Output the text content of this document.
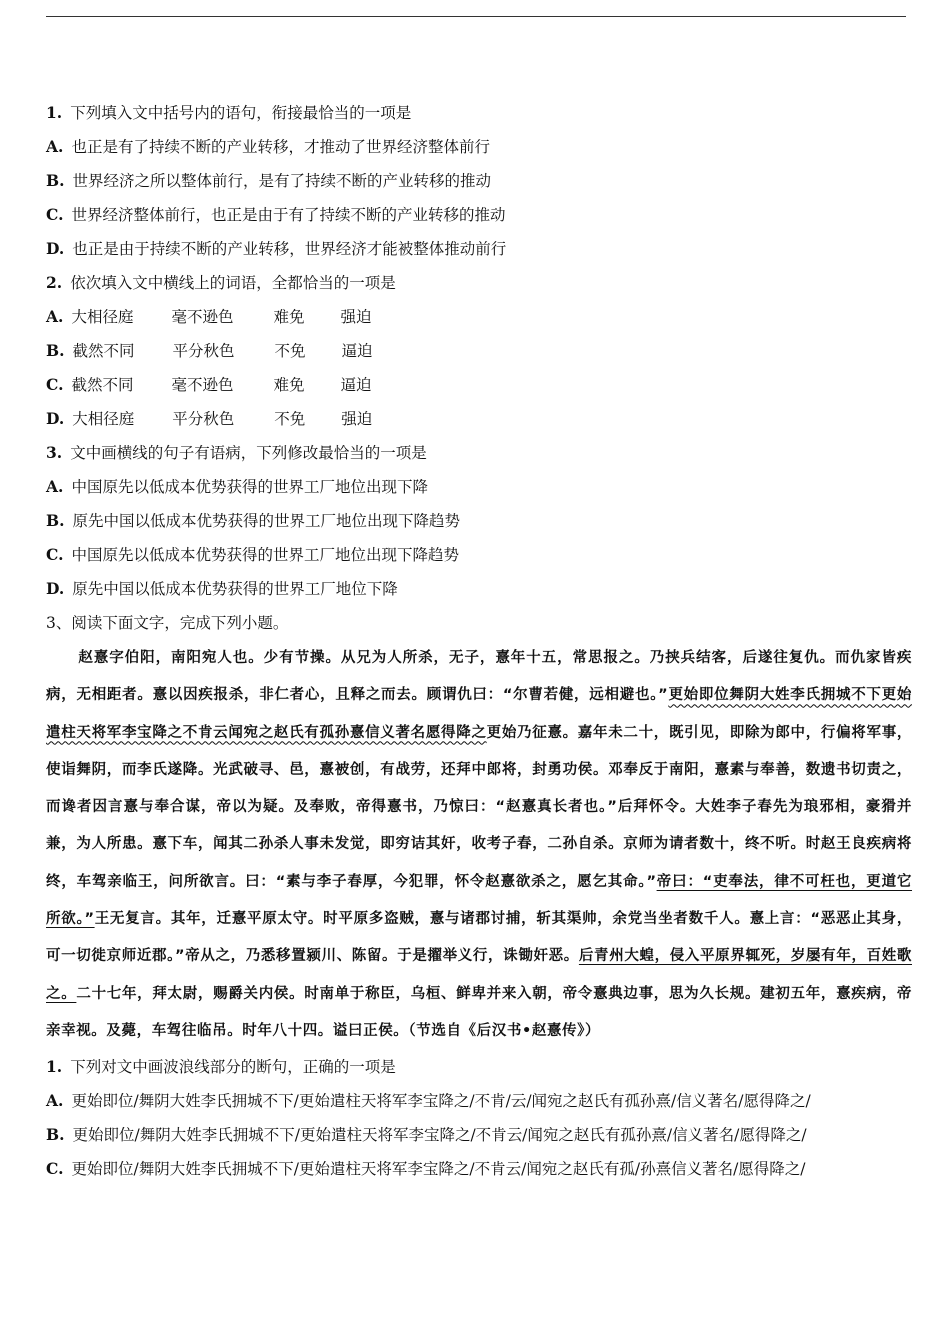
1. 下列填入文中括号内的语句，衔接最恰当的一项是
A. 也正是有了持续不断的产业转移，才推动了世界经济整体前行
B. 世界经济之所以整体前行，是有了持续不断的产业转移的推动
C. 世界经济整体前行，也正是由于有了持续不断的产业转移的推动
D. 也正是由于持续不断的产业转移，世界经济才能被整体推动前行
2. 依次填入文中横线上的词语，全都恰当的一项是
A. 大相径庭 毫不逊色	难免 强迫
B. 截然不同 平分秋色	不免 逼迫
C. 截然不同 毫不逊色	难免 逼迫
D. 大相径庭 平分秋色	不免 强迫
3. 文中画横线的句子有语病，下列修改最恰当的一项是
A. 中国原先以低成本优势获得的世界工厂地位出现下降
B. 原先中国以低成本优势获得的世界工厂地位出现下降趋势
C. 中国原先以低成本优势获得的世界工厂地位出现下降趋势
D. 原先中国以低成本优势获得的世界工厂地位下降
3、阅读下面文字，完成下列小题。
赵憙字伯阳，南阳宛人也。少有节操。从兄为人所杀，无子，憙年十五，常思报之。乃挟兵结客，后遂往复仇。而仇家皆疾病，无相距者。憙以因疾报杀，非仁者心，且释之而去。顾谓仇曰：“尔曹若健，远相避也。”更始即位舞阴大姓李氏拥城不下更始遣柱天将军李宝降之不肯云闻宛之赵氏有孤孙憙信义著名愿得降之更始乃征憙。嘉年未二十，既引见，即除为郎中，行偏将军事，使诣舞阴，而李氏遂降。光武破寻、邑，憙被创，有战劳，还拜中郎将，封勇功侯。邓奉反于南阳，憙素与奉善，数遗书切责之，而谗者因言憙与奉合谋，帝以为疑。及奉败，帝得憙书，乃惊曰：“赵憙真长者也。”后拜怀令。大姓李子春先为琅邪相，豪猾并兼，为人所患。憙下车，闻其二孙杀人事未发觉，即穷诘其奸，收考子春，二孙自杀。京师为请者数十，终不听。时赵王良疾病将终，车驾亲临王，问所欲言。曰：“素与李子春厚，今犯罪，怀令赵憙欲杀之，愿乞其命。”帝曰：“吏奉法，律不可枉也，更道它所欲。”王无复言。其年，迁憙平原太守。时平原多盗贼，憙与诸郡讨捕，斩其渠帅，余党当坐者数千人。憙上言：“恶恶止其身，可一切徙京师近郡。”帝从之，乃悉移置颍川、陈留。于是擢举义行，诛锄奸恶。后青州大蝗，侵入平原界辄死，岁屡有年，百姓歌之。二十七年，拜太尉，赐爵关内侯。时南单于称臣，乌桓、鲜卑并来入朝，帝令憙典边事，思为久长规。建初五年，憙疾病，帝亲幸视。及薨，车驾往临吊。时年八十四。谥曰正侯。（节选自《后汉书•赵憙传》）
1. 下列对文中画波浪线部分的断句，正确的一项是
A. 更始即位/舞阴大姓李氏拥城不下/更始遣柱天将军李宝降之/不肯/云/闻宛之赵氏有孤孙熹/信义著名/愿得降之/
B. 更始即位/舞阴大姓李氏拥城不下/更始遣柱天将军李宝降之/不肯云/闻宛之赵氏有孤孙熹/信义著名/愿得降之/
C. 更始即位/舞阴大姓李氏拥城不下/更始遣柱天将军李宝降之/不肯云/闻宛之赵氏有孤/孙熹信义著名/愿得降之/
